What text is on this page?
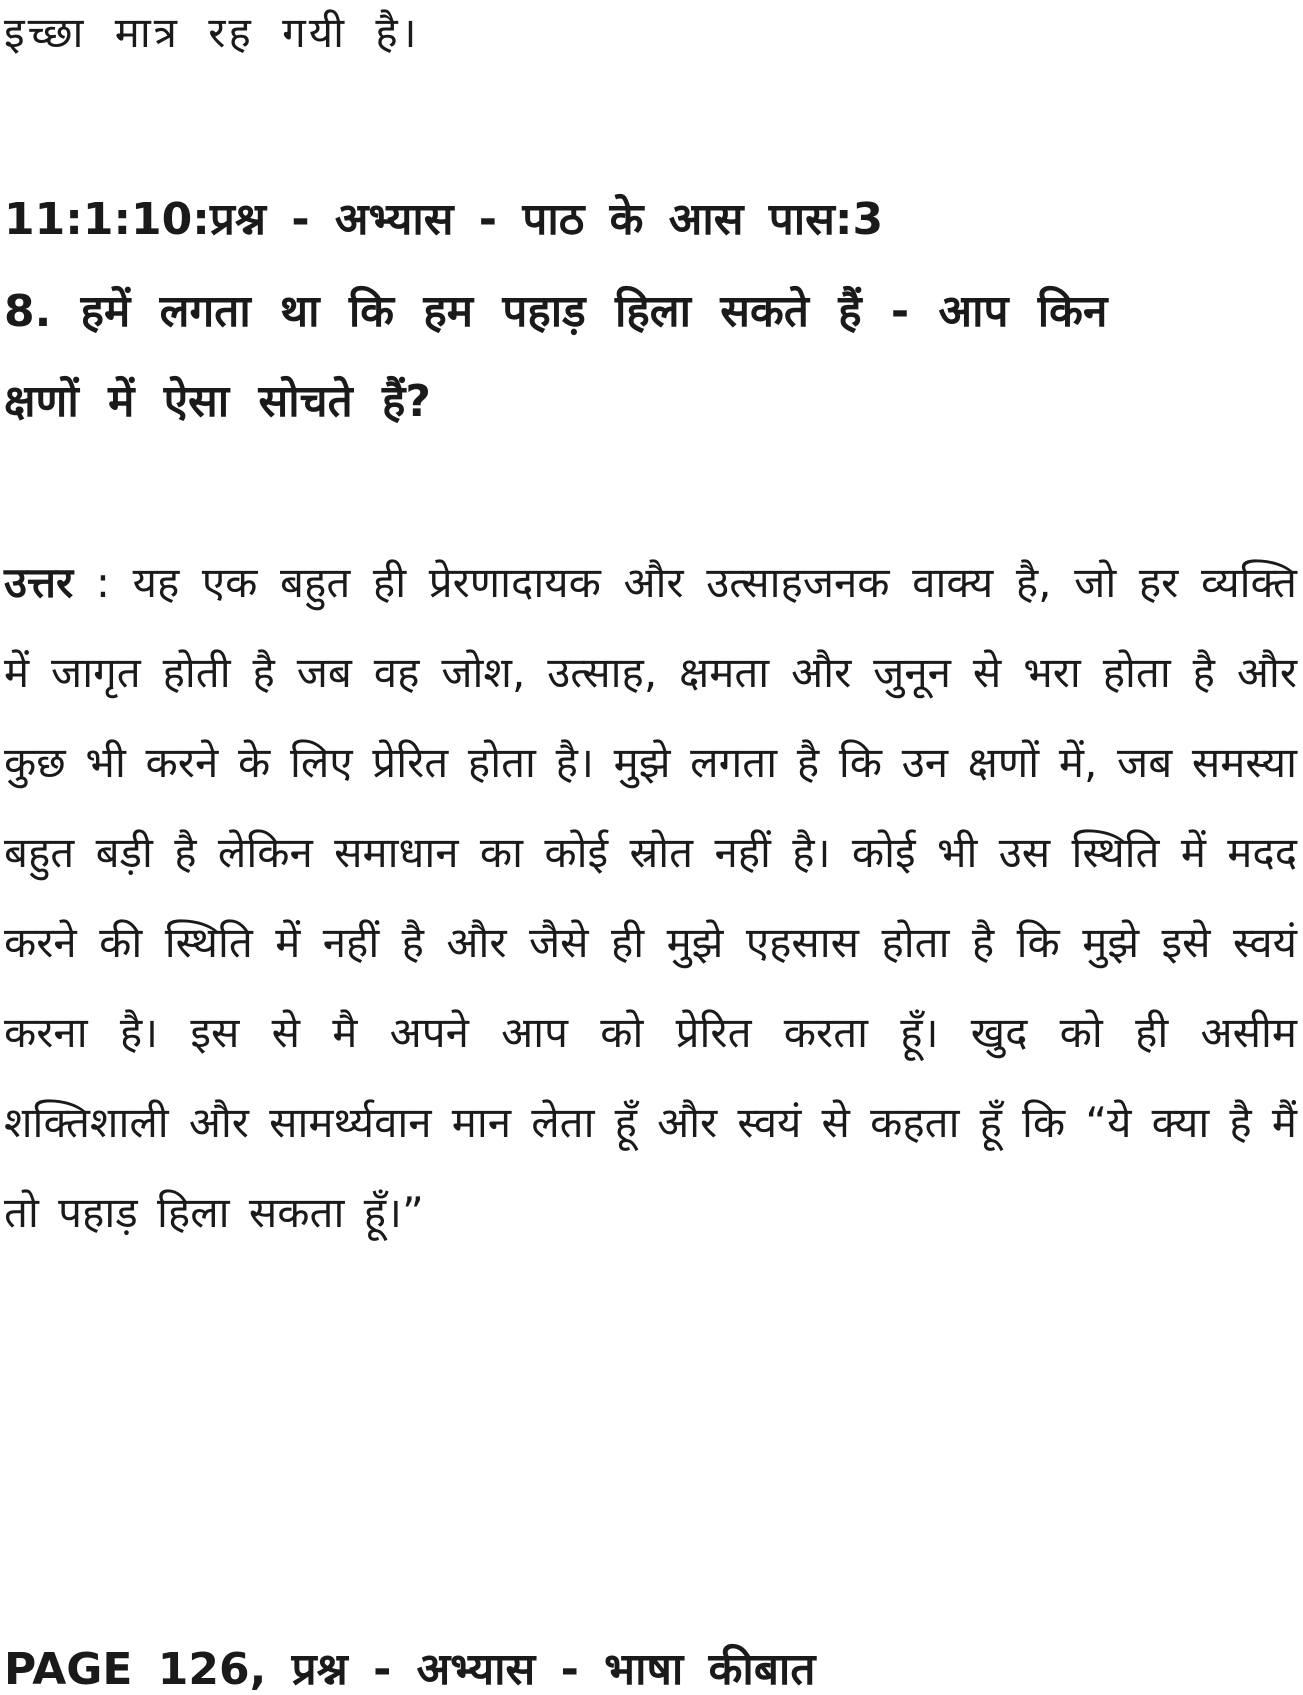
इच्छा मात्र रह गयी है।

11:1:10:प्रश्न - अभ्यास - पाठ के आस पास:3

8. हमें लगता था कि हम पहाड़ हिला सकते हैं - आप किन

क्षणों में ऐसा सोचते हैं?

उत्तर : यह एक बहुत ही प्रेरणादायक और उत्साहजनक वाक्य है, जो हर व्यक्ति में जागृत होती है जब वह जोश, उत्साह, क्षमता और जुनून से भरा होता है और कुछ भी करने के लिए प्रेरित होता है। मुझे लगता है कि उन क्षणों में, जब समस्या बहुत बड़ी है लेकिन समाधान का कोई स्रोत नहीं है। कोई भी उस स्थिति में मदद करने की स्थिति में नहीं है और जैसे ही मुझे एहसास होता है कि मुझे इसे स्वयं करना है। इस से मै अपने आप को प्रेरित करता हूँ। खुद को ही असीम शक्तिशाली और सामर्थ्यवान मान लेता हूँ और स्वयं से कहता हूँ कि “ये क्या है मैं तो पहाड़ हिला सकता हूँ।”

PAGE 126, प्रश्न - अभ्यास - भाषा कीबात
